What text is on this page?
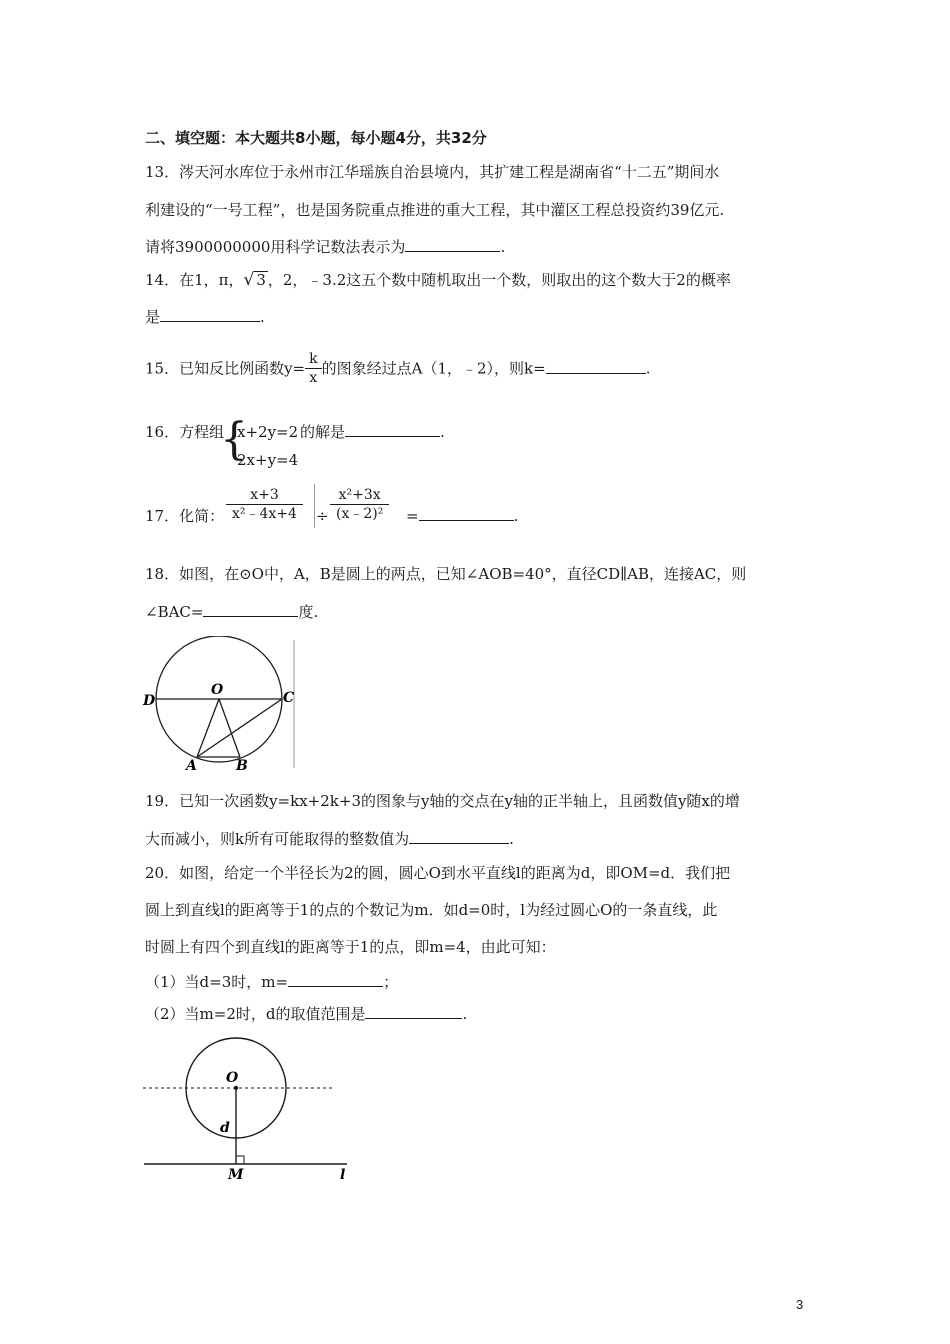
二、填空题：本大题共8小题，每小题4分，共32分
13．涔天河水库位于永州市江华瑶族自治县境内，其扩建工程是湖南省“十二五”期间水
利建设的“一号工程”，也是国务院重点推进的重大工程，其中灌区工程总投资约39亿元.
请将3900000000用科学记数法表示为	.
14．在1，π，√ 3 ，2，﹣3.2这五个数中随机取出一个数，则取出的这个数大于2的概率
是	.
15．已知反比例函数$y= \frac{k}{x}$ 的图象经过点A（1，﹣2），则k=	.
16．方程组
{
x+2y=2
2x+y=4
的解是	.
17．化简： $\frac{x+3}{\text{x²﹣4x+4}} \div \frac{\text{x²+3x}}{\text{(x﹣2)²}}$ =	.
18．如图，在⊙O中，A，B是圆上的两点，已知∠AOB=40°，直径CD∥AB，连接AC，则
∠BAC=	度.
D
O	C
A	B
19．已知一次函数y=kx+2k+3的图象与y轴的交点在y轴的正半轴上，且函数值y随x的增
大而减小，则k所有可能取得的整数值为	.
20．如图，给定一个半径长为2的圆，圆心O到水平直线l的距离为d，即OM=d．我们把
圆上到直线l的距离等于1的点的个数记为m．如d=0时，l为经过圆心O的一条直线，此
时圆上有四个到直线l的距离等于1的点，即m=4，由此可知：
（1）当d=3时，m=	；
（2）当m=2时，d的取值范围是	.
O
d
M	l
3
